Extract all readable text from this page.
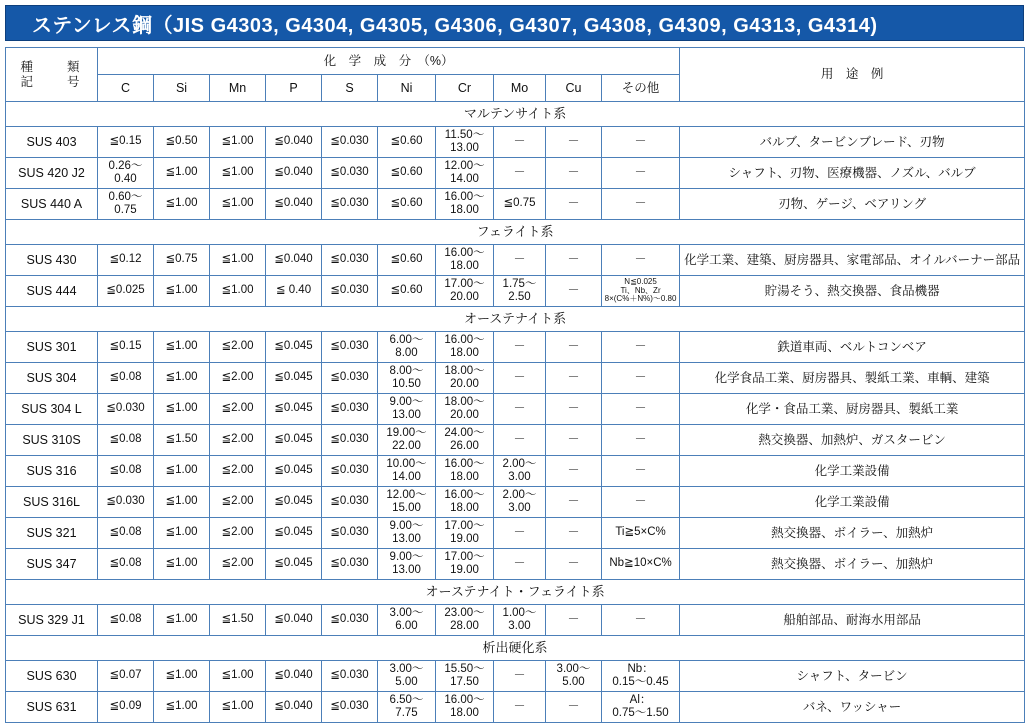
ステンレス鋼（JIS G4303, G4304, G4305, G4306, G4307, G4308, G4309, G4313, G4314)
種　　類
記　　号	化　学　成　分　（%）										用　途　例
	C	Si	Mn	P	S	Ni	Cr	Mo	Cu	その他	
マルテンサイト系											
SUS 403	≦0.15	≦0.50	≦1.00	≦0.040	≦0.030	≦0.60	11.50～
13.00	－	－	－	バルブ、タービンブレード、刃物
SUS 420 J2	0.26～
0.40	≦1.00	≦1.00	≦0.040	≦0.030	≦0.60	12.00～
14.00	－	－	－	シャフト、刃物、医療機器、ノズル、バルブ
SUS 440 A	0.60～
0.75	≦1.00	≦1.00	≦0.040	≦0.030	≦0.60	16.00～
18.00	≦0.75	－	－	刃物、ゲージ、ベアリング
フェライト系											
SUS 430	≦0.12	≦0.75	≦1.00	≦0.040	≦0.030	≦0.60	16.00～
18.00	－	－	－	化学工業、建築、厨房器具、家電部品、オイルバーナー部品
SUS 444	≦0.025	≦1.00	≦1.00	≦ 0.40	≦0.030	≦0.60	17.00～
20.00	1.75～
2.50	－	N≦0.025
Ti、Nb、Zr
8×(C%＋N%)～0.80	貯湯そう、熱交換器、食品機器
オーステナイト系											
SUS 301	≦0.15	≦1.00	≦2.00	≦0.045	≦0.030	6.00～
8.00	16.00～
18.00	－	－	－	鉄道車両、ベルトコンベア
SUS 304	≦0.08	≦1.00	≦2.00	≦0.045	≦0.030	8.00～
10.50	18.00～
20.00	－	－	－	化学食品工業、厨房器具、製紙工業、車輌、建築
SUS 304 L	≦0.030	≦1.00	≦2.00	≦0.045	≦0.030	9.00～
13.00	18.00～
20.00	－	－	－	化学・食品工業、厨房器具、製紙工業
SUS 310S	≦0.08	≦1.50	≦2.00	≦0.045	≦0.030	19.00～
22.00	24.00～
26.00	－	－	－	熱交換器、加熱炉、ガスタービン
SUS 316	≦0.08	≦1.00	≦2.00	≦0.045	≦0.030	10.00～
14.00	16.00～
18.00	2.00～
3.00	－	－	化学工業設備
SUS 316L	≦0.030	≦1.00	≦2.00	≦0.045	≦0.030	12.00～
15.00	16.00～
18.00	2.00～
3.00	－	－	化学工業設備
SUS 321	≦0.08	≦1.00	≦2.00	≦0.045	≦0.030	9.00～
13.00	17.00～
19.00	－	－	Ti≧5×C%	熱交換器、ボイラー、加熱炉
SUS 347	≦0.08	≦1.00	≦2.00	≦0.045	≦0.030	9.00～
13.00	17.00～
19.00	－	－	Nb≧10×C%	熱交換器、ボイラー、加熱炉
オーステナイト・フェライト系											
SUS 329 J1	≦0.08	≦1.00	≦1.50	≦0.040	≦0.030	3.00～
6.00	23.00～
28.00	1.00～
3.00	－	－	船舶部品、耐海水用部品
析出硬化系											
SUS 630	≦0.07	≦1.00	≦1.00	≦0.040	≦0.030	3.00～
5.00	15.50～
17.50	－	3.00～
5.00	Nb：
0.15～0.45	シャフト、タービン
SUS 631	≦0.09	≦1.00	≦1.00	≦0.040	≦0.030	6.50～
7.75	16.00～
18.00	－	－	Al：
0.75～1.50	バネ、ワッシャー
